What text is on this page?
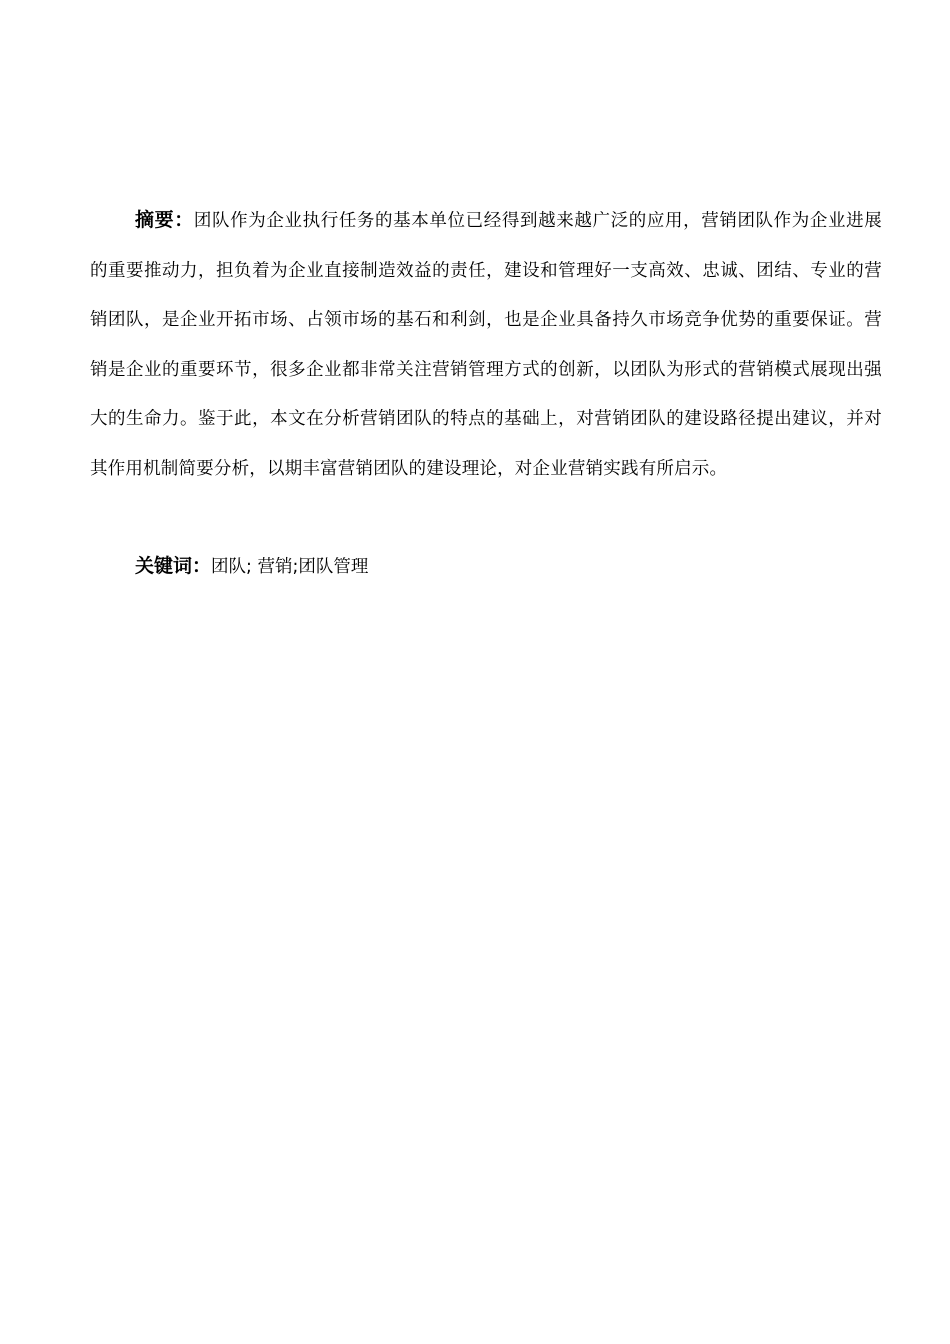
摘要：团队作为企业执行任务的基本单位已经得到越来越广泛的应用，营销团队作为企业进展的重要推动力，担负着为企业直接制造效益的责任，建设和管理好一支高效、忠诚、团结、专业的营销团队，是企业开拓市场、占领市场的基石和利剑，也是企业具备持久市场竞争优势的重要保证。营销是企业的重要环节，很多企业都非常关注营销管理方式的创新，以团队为形式的营销模式展现出强大的生命力。鉴于此，本文在分析营销团队的特点的基础上，对营销团队的建设路径提出建议，并对其作用机制简要分析，以期丰富营销团队的建设理论，对企业营销实践有所启示。

关键词：团队; 营销;团队管理
